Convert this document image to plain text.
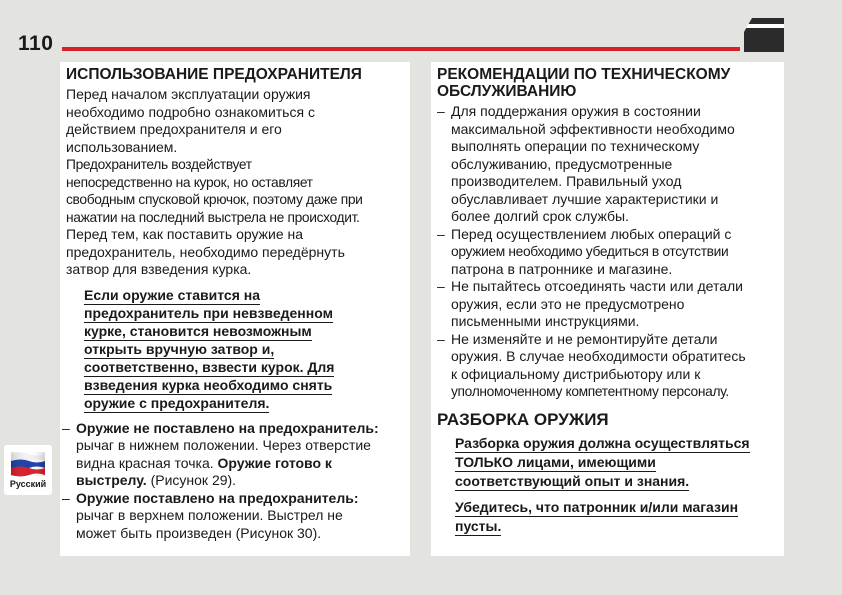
110

ИСПОЛЬЗОВАНИЕ ПРЕДОХРАНИТЕЛЯ

Перед началом эксплуатации оружия

необходимо подробно ознакомиться с

действием предохранителя и его

использованием.

Предохранитель воздействует

непосредственно на курок, но оставляет

свободным спусковой крючок, поэтому даже при

нажатии на последний выстрела не происходит.

Перед тем, как поставить оружие на

предохранитель, необходимо передёрнуть

затвор для взведения курка.

Если оружие ставится на
предохранитель при невзведенном
курке, становится невозможным
открыть вручную затвор и,
соответственно, взвести курок. Для
взведения курка необходимо снять
оружие с предохранителя.
– Оружие не поставлено на предохранитель:
рычаг в нижнем положении. Через отверстие
видна красная точка. Оружие готово к
выстрелу. (Рисунок 29).
– Оружие поставлено на предохранитель:
рычаг в верхнем положении. Выстрел не
может быть произведен (Рисунок 30).

РЕКОМЕНДАЦИИ ПО ТЕХНИЧЕСКОМУ

ОБСЛУЖИВАНИЮ

– Для поддержания оружия в состоянии
максимальной эффективности необходимо
выполнять операции по техническому
обслуживанию, предусмотренные
производителем. Правильный уход
обуславливает лучшие характеристики и
более долгий срок службы.
– Перед осуществлением любых операций с
оружием необходимо убедиться в отсутствии
патрона в патроннике и магазине.
– Не пытайтесь отсоединять части или детали
оружия, если это не предусмотрено
письменными инструкциями.
– Не изменяйте и не ремонтируйте детали
оружия. В случае необходимости обратитесь
к официальному дистрибьютору или к
уполномоченному компетентному персоналу.

РАЗБОРКА ОРУЖИЯ

Разборка оружия должна осуществляться
ТОЛЬКО лицами, имеющими
соответствующий опыт и знания.
Убедитесь, что патронник и/или магазин
пусты.
Русский
